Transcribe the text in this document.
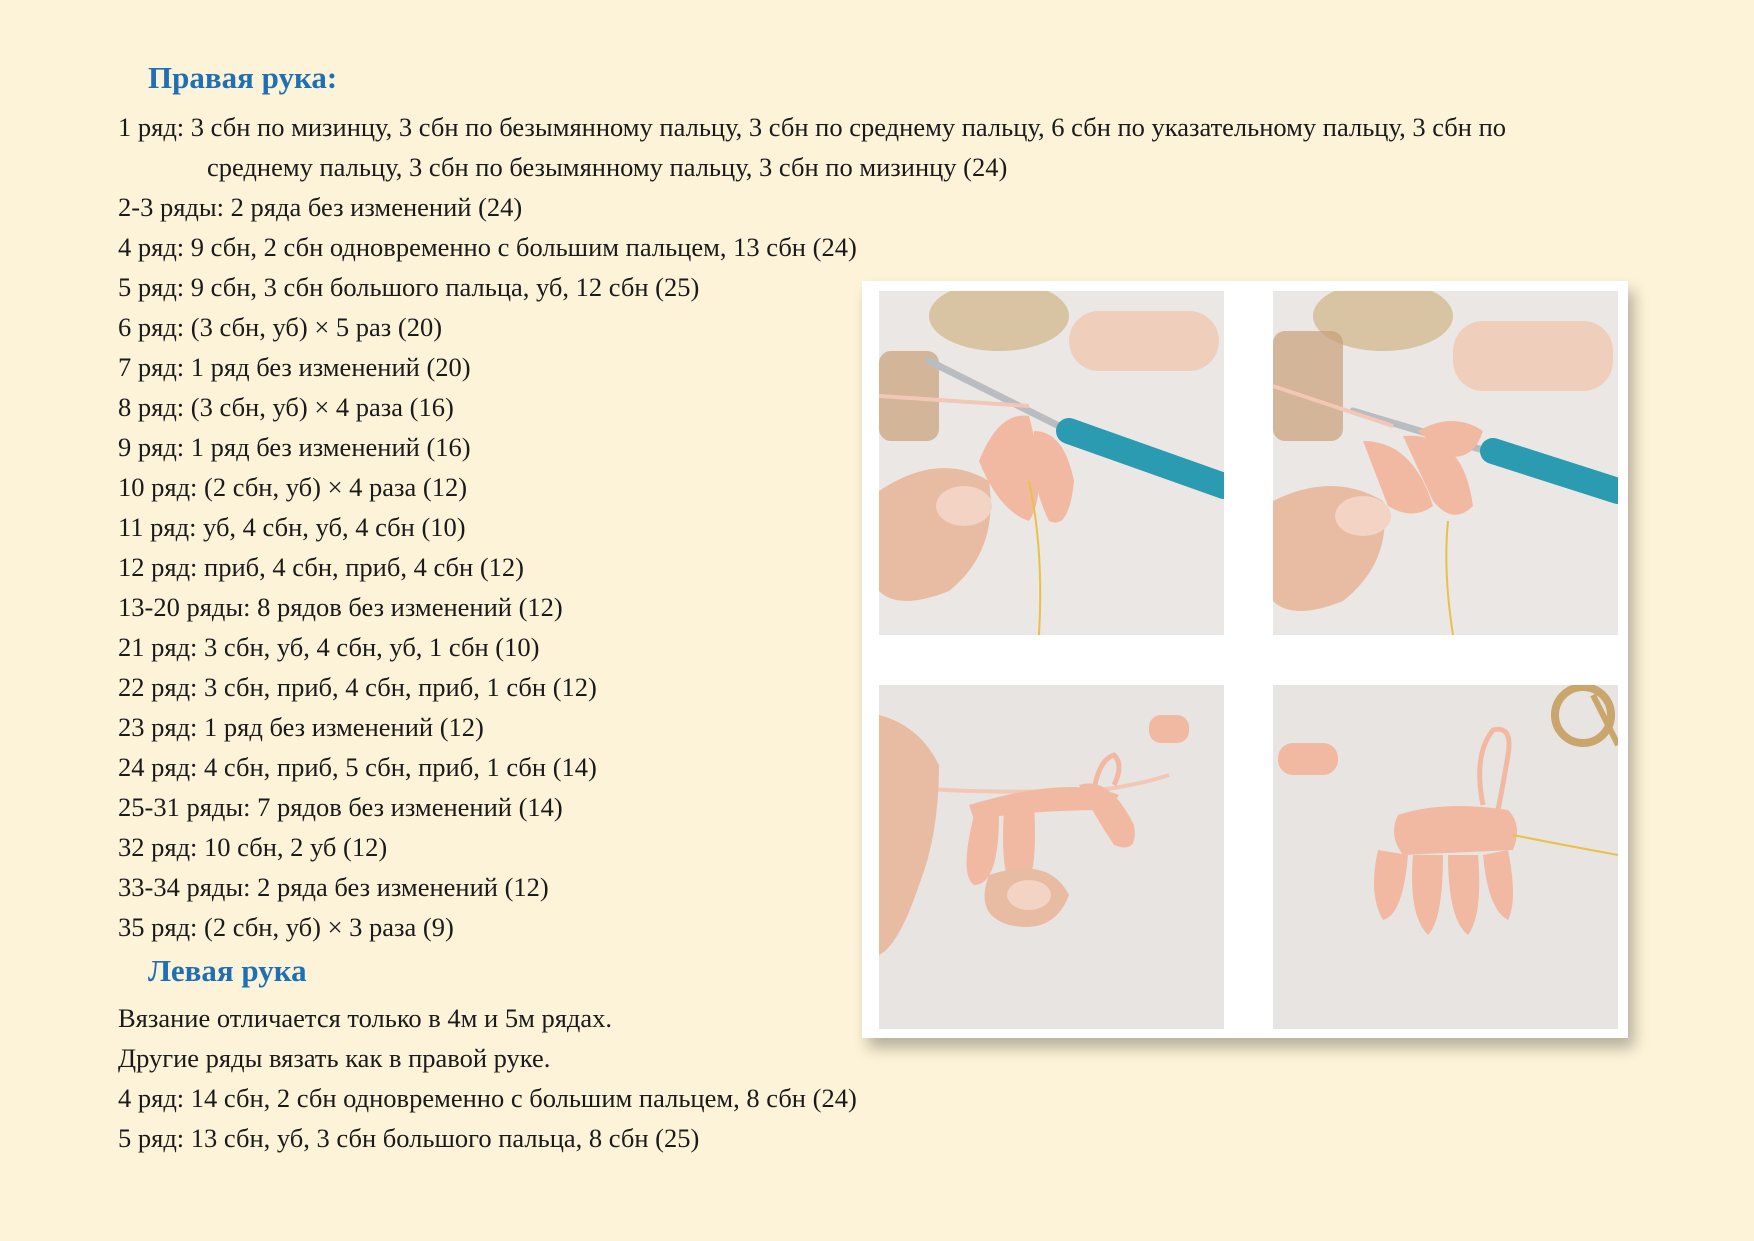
Правая рука:
1 ряд: 3 сбн по мизинцу, 3 сбн по безымянному пальцу, 3 сбн по среднему пальцу, 6 сбн по указательному пальцу, 3 сбн по
среднему пальцу, 3 сбн по безымянному пальцу, 3 сбн по мизинцу (24)
2-3 ряды: 2 ряда без изменений (24)
4 ряд: 9 сбн, 2 сбн одновременно с большим пальцем, 13 сбн (24)
5 ряд: 9 сбн, 3 сбн большого пальца, уб, 12 сбн (25)
6 ряд: (3 сбн, уб) × 5 раз (20)
7 ряд: 1 ряд без изменений (20)
8 ряд: (3 сбн, уб) × 4 раза (16)
9 ряд: 1 ряд без изменений (16)
10 ряд: (2 сбн, уб) × 4 раза (12)
11 ряд: уб, 4 сбн, уб, 4 сбн (10)
12 ряд: приб, 4 сбн, приб, 4 сбн (12)
13-20 ряды: 8 рядов без изменений (12)
21 ряд: 3 сбн, уб, 4 сбн, уб, 1 сбн (10)
22 ряд: 3 сбн, приб, 4 сбн, приб, 1 сбн (12)
23 ряд: 1 ряд без изменений (12)
24 ряд: 4 сбн, приб, 5 сбн, приб, 1 сбн (14)
25-31 ряды: 7 рядов без изменений (14)
32 ряд: 10 сбн, 2 уб (12)
33-34 ряды: 2 ряда без изменений (12)
35 ряд: (2 сбн, уб) × 3 раза (9)
Левая рука
Вязание отличается только в 4м и 5м рядах.
Другие ряды вязать как в правой руке.
4 ряд: 14 сбн, 2 сбн одновременно с большим пальцем, 8 сбн (24)
5 ряд: 13 сбн, уб, 3 сбн большого пальца, 8 сбн (25)
